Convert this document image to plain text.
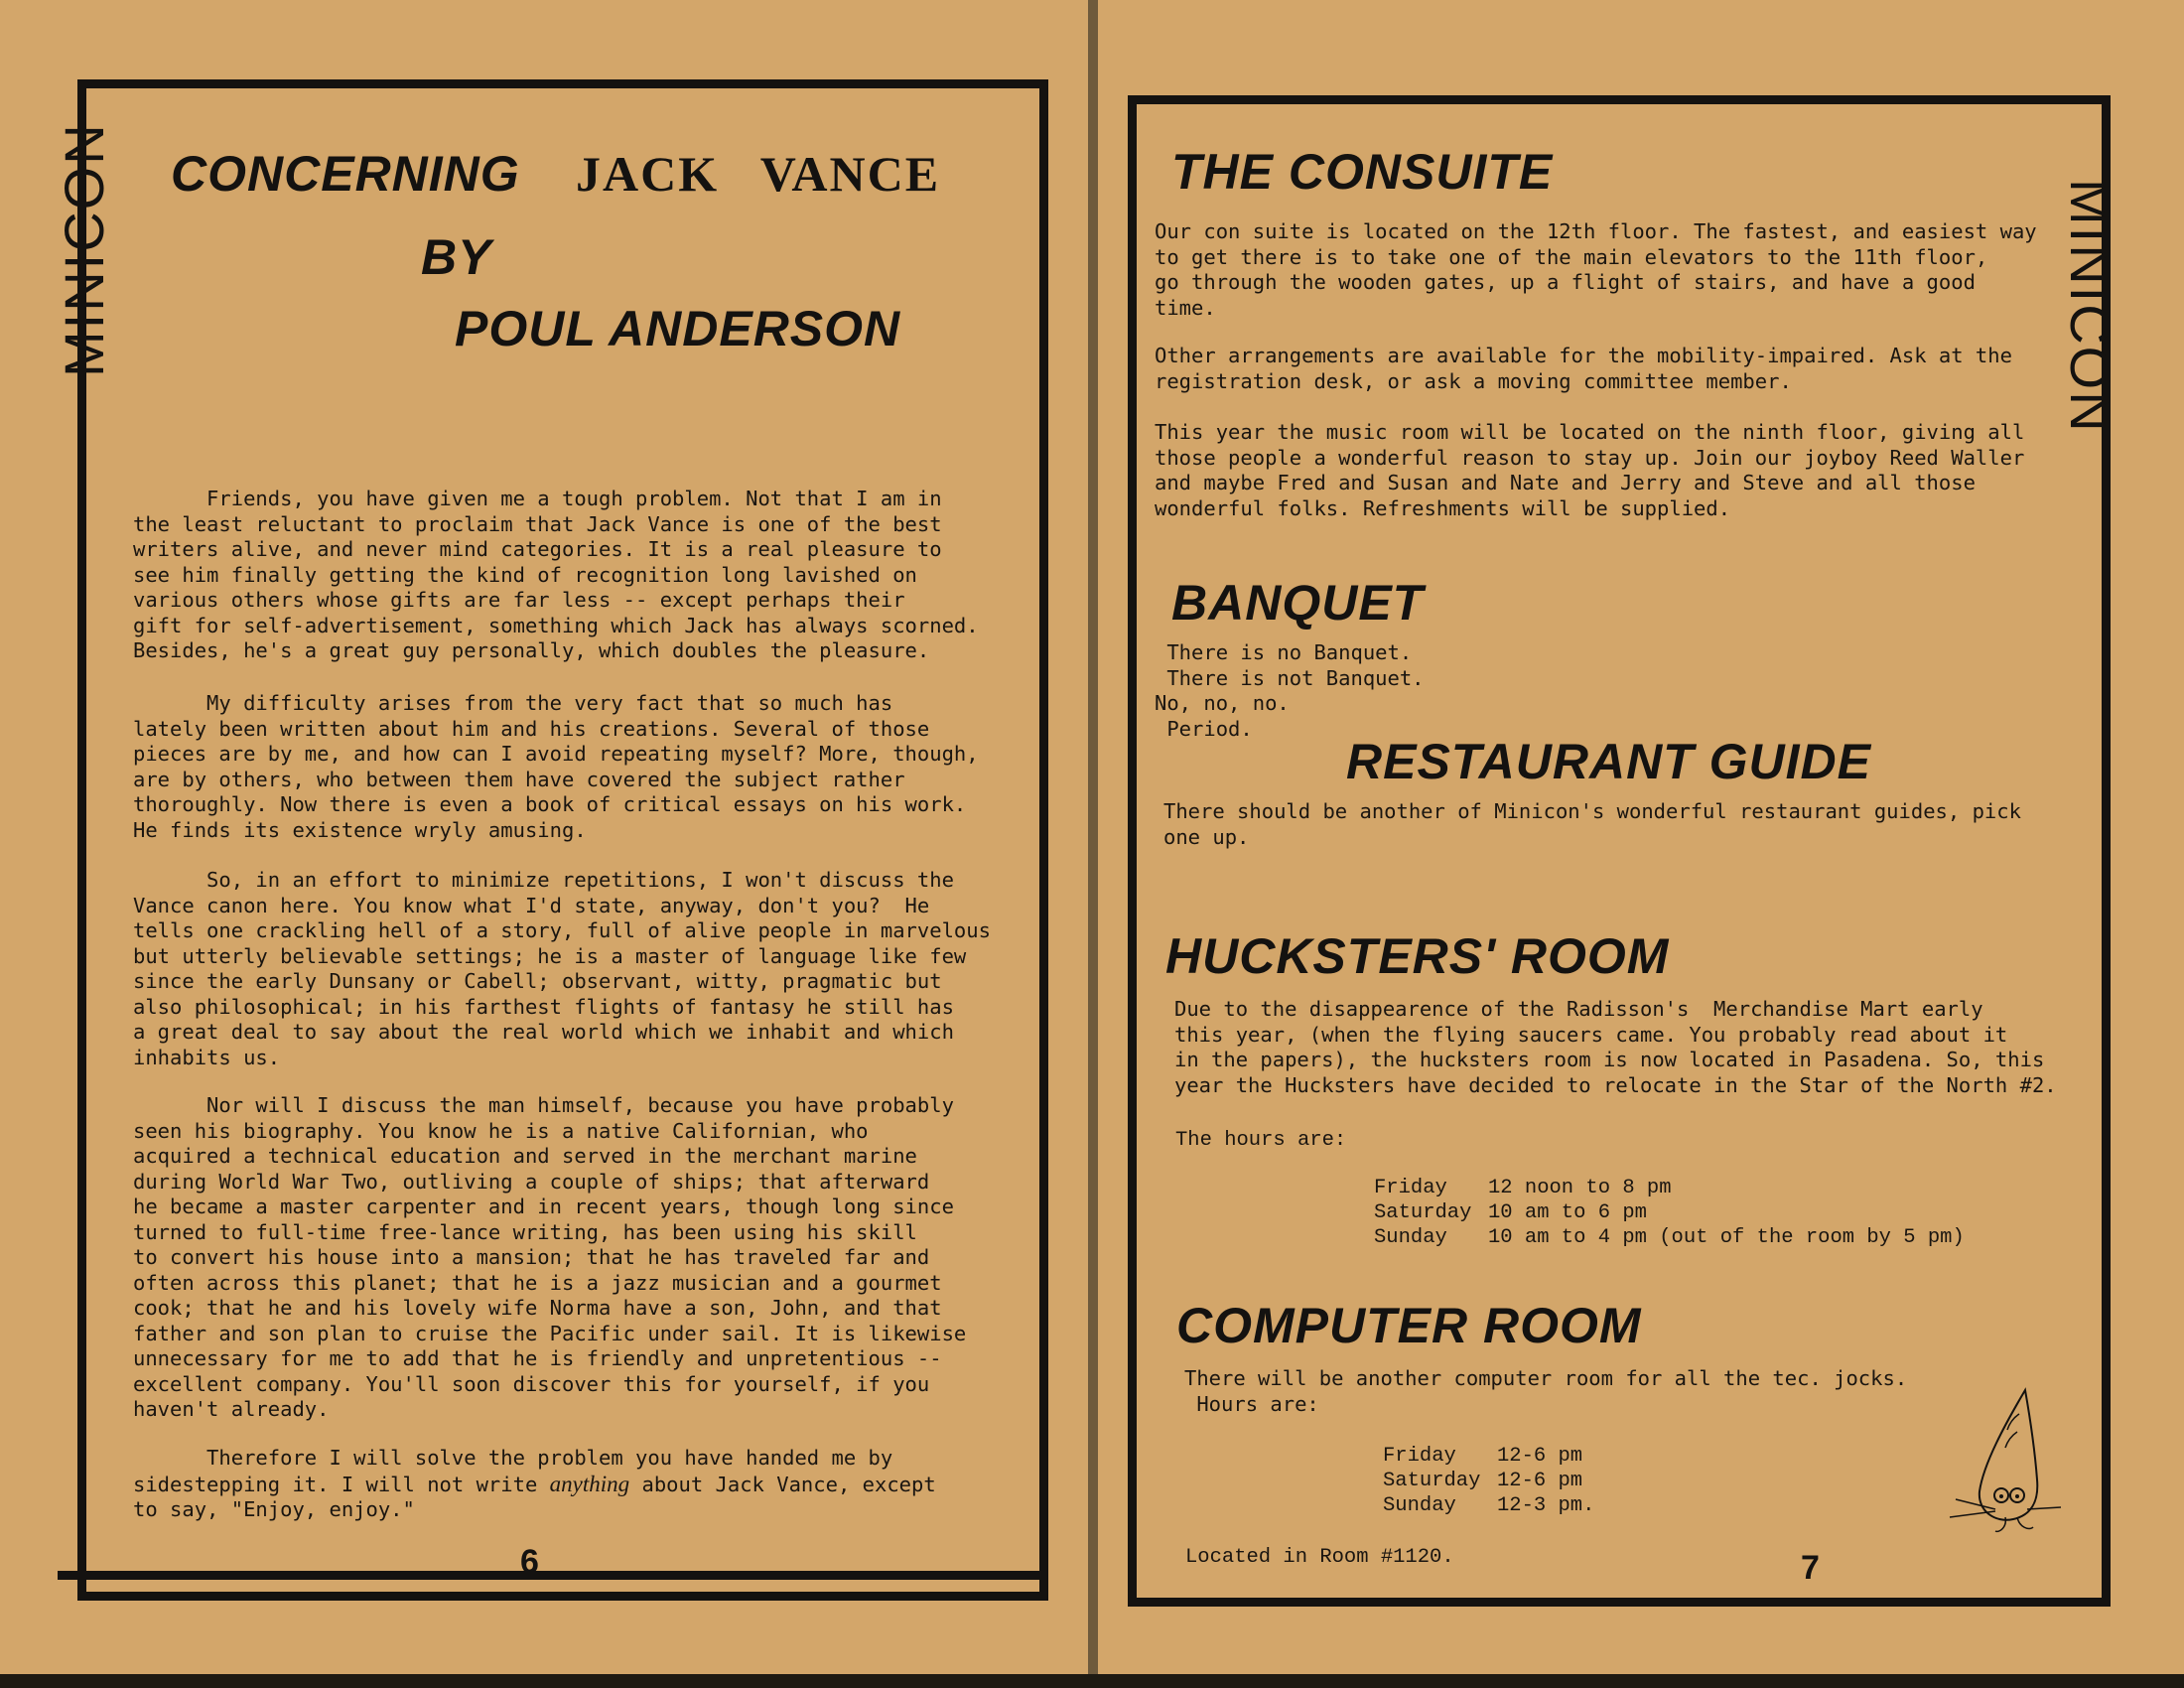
MINICON CONCERNING JACK VANCE
BY
POUL ANDERSON
Friends, you have given me a tough problem. Not that I am in
the least reluctant to proclaim that Jack Vance is one of the best
writers alive, and never mind categories. It is a real pleasure to
see him finally getting the kind of recognition long lavished on
various others whose gifts are far less -- except perhaps their
gift for self-advertisement, something which Jack has always scorned.
Besides, he's a great guy personally, which doubles the pleasure.
My difficulty arises from the very fact that so much has
lately been written about him and his creations. Several of those
pieces are by me, and how can I avoid repeating myself? More, though,
are by others, who between them have covered the subject rather
thoroughly. Now there is even a book of critical essays on his work.
He finds its existence wryly amusing.
So, in an effort to minimize repetitions, I won't discuss the
Vance canon here. You know what I'd state, anyway, don't you?  He
tells one crackling hell of a story, full of alive people in marvelous
but utterly believable settings; he is a master of language like few
since the early Dunsany or Cabell; observant, witty, pragmatic but
also philosophical; in his farthest flights of fantasy he still has
a great deal to say about the real world which we inhabit and which
inhabits us.
Nor will I discuss the man himself, because you have probably
seen his biography. You know he is a native Californian, who
acquired a technical education and served in the merchant marine
during World War Two, outliving a couple of ships; that afterward
he became a master carpenter and in recent years, though long since
turned to full-time free-lance writing, has been using his skill
to convert his house into a mansion; that he has traveled far and
often across this planet; that he is a jazz musician and a gourmet
cook; that he and his lovely wife Norma have a son, John, and that
father and son plan to cruise the Pacific under sail. It is likewise
unnecessary for me to add that he is friendly and unpretentious --
excellent company. You'll soon discover this for yourself, if you
haven't already.
Therefore I will solve the problem you have handed me by
sidestepping it. I will not write anything about Jack Vance, except
to say, "Enjoy, enjoy."
6
MINICON
THE CONSUITE
Our con suite is located on the 12th floor. The fastest, and easiest way
to get there is to take one of the main elevators to the 11th floor,
go through the wooden gates, up a flight of stairs, and have a good
time.
Other arrangements are available for the mobility-impaired. Ask at the
registration desk, or ask a moving committee member.
This year the music room will be located on the ninth floor, giving all
those people a wonderful reason to stay up. Join our joyboy Reed Waller
and maybe Fred and Susan and Nate and Jerry and Steve and all those
wonderful folks. Refreshments will be supplied.
BANQUET
There is no Banquet.
There is not Banquet.
No, no, no.
Period.
RESTAURANT GUIDE
There should be another of Minicon's wonderful restaurant guides, pick
one up.
HUCKSTERS' ROOM
Due to the disappearence of the Radisson's  Merchandise Mart early
this year, (when the flying saucers came. You probably read about it
in the papers), the hucksters room is now located in Pasadena. So, this
year the Hucksters have decided to relocate in the Star of the North #2.
The hours are:
Friday 12 noon to 8 pm
Saturday 10 am to 6 pm
Sunday 10 am to 4 pm (out of the room by 5 pm)
COMPUTER ROOM
There will be another computer room for all the tec. jocks.
Hours are:
Friday 12-6 pm
Saturday 12-6 pm
Sunday 12-3 pm.
Located in Room #1120.	7
